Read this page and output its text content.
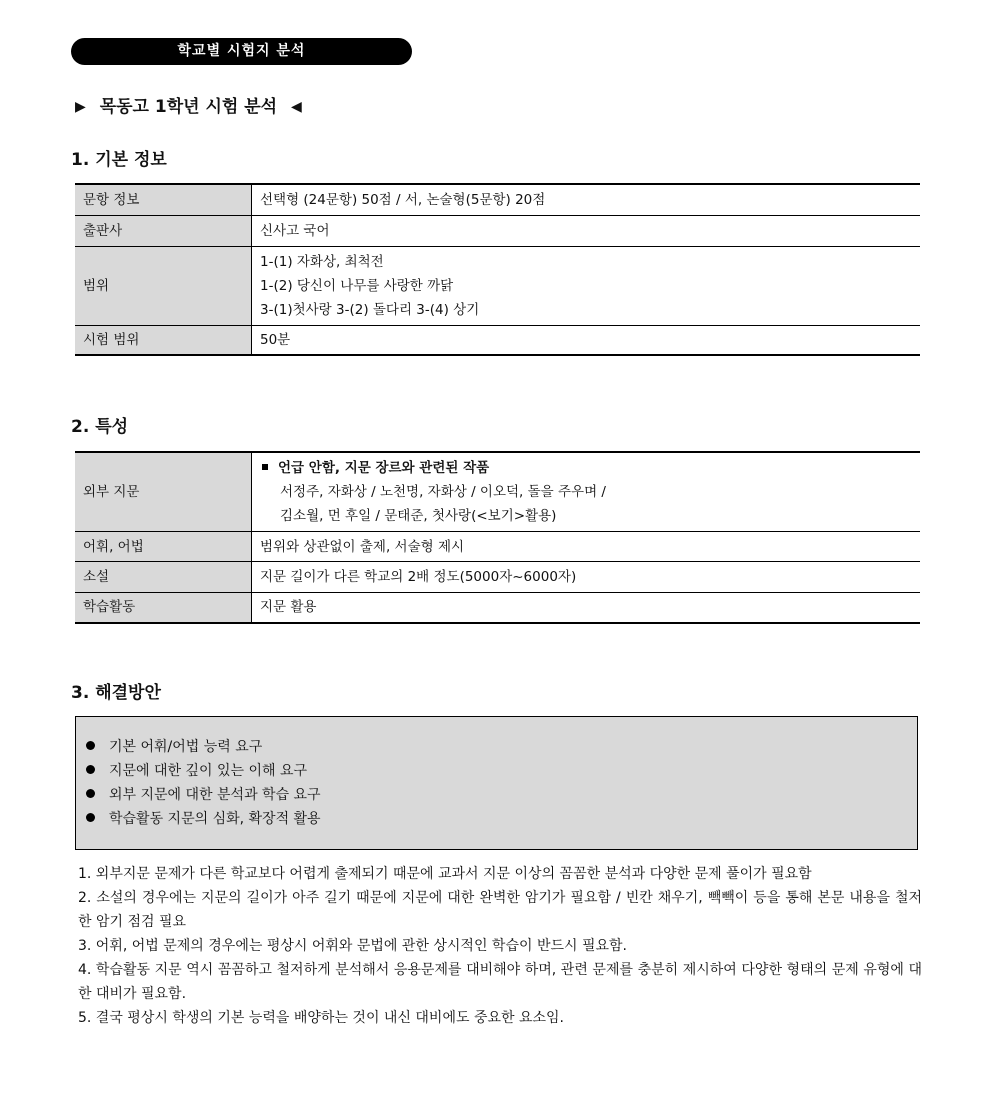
학교별 시험지 분석
▶ 목동고 1학년 시험 분석 ◀
1. 기본 정보
문항 정보	선택형 (24문항) 50점 / 서, 논술형(5문항) 20점
출판사	신사고 국어
범위	1-(1) 자화상, 최척전
1-(2) 당신이 나무를 사랑한 까닭
3-(1)첫사랑 3-(2) 돌다리 3-(4) 상기

시험 범위	50분
2. 특성
외부 지문	언급 안함, 지문 장르와 관련된 작품
서정주, 자화상 / 노천명, 자화상 / 이오덕, 돌을 주우며 /
김소월, 먼 후일 / 문태준, 첫사랑(<보기>활용)

어휘, 어법	범위와 상관없이 출제, 서술형 제시
소설	지문 길이가 다른 학교의 2배 정도(5000자~6000자)
학습활동	지문 활용
3. 해결방안
기본 어휘/어법 능력 요구
지문에 대한 깊이 있는 이해 요구
외부 지문에 대한 분석과 학습 요구
학습활동 지문의 심화, 확장적 활용
1. 외부지문 문제가 다른 학교보다 어렵게 출제되기 때문에 교과서 지문 이상의 꼼꼼한 분석과 다양한 문제 풀이가 필요함
2. 소설의 경우에는 지문의 길이가 아주 길기 때문에 지문에 대한 완벽한 암기가 필요함 / 빈칸 채우기, 빽빽이 등을 통해 본문 내용을 철저한 암기 점검 필요
3. 어휘, 어법 문제의 경우에는 평상시 어휘와 문법에 관한 상시적인 학습이 반드시 필요함.
4. 학습활동 지문 역시 꼼꼼하고 철저하게 분석해서 응용문제를 대비해야 하며, 관련 문제를 충분히 제시하여 다양한 형태의 문제 유형에 대한 대비가 필요함.
5. 결국 평상시 학생의 기본 능력을 배양하는 것이 내신 대비에도 중요한 요소임.
